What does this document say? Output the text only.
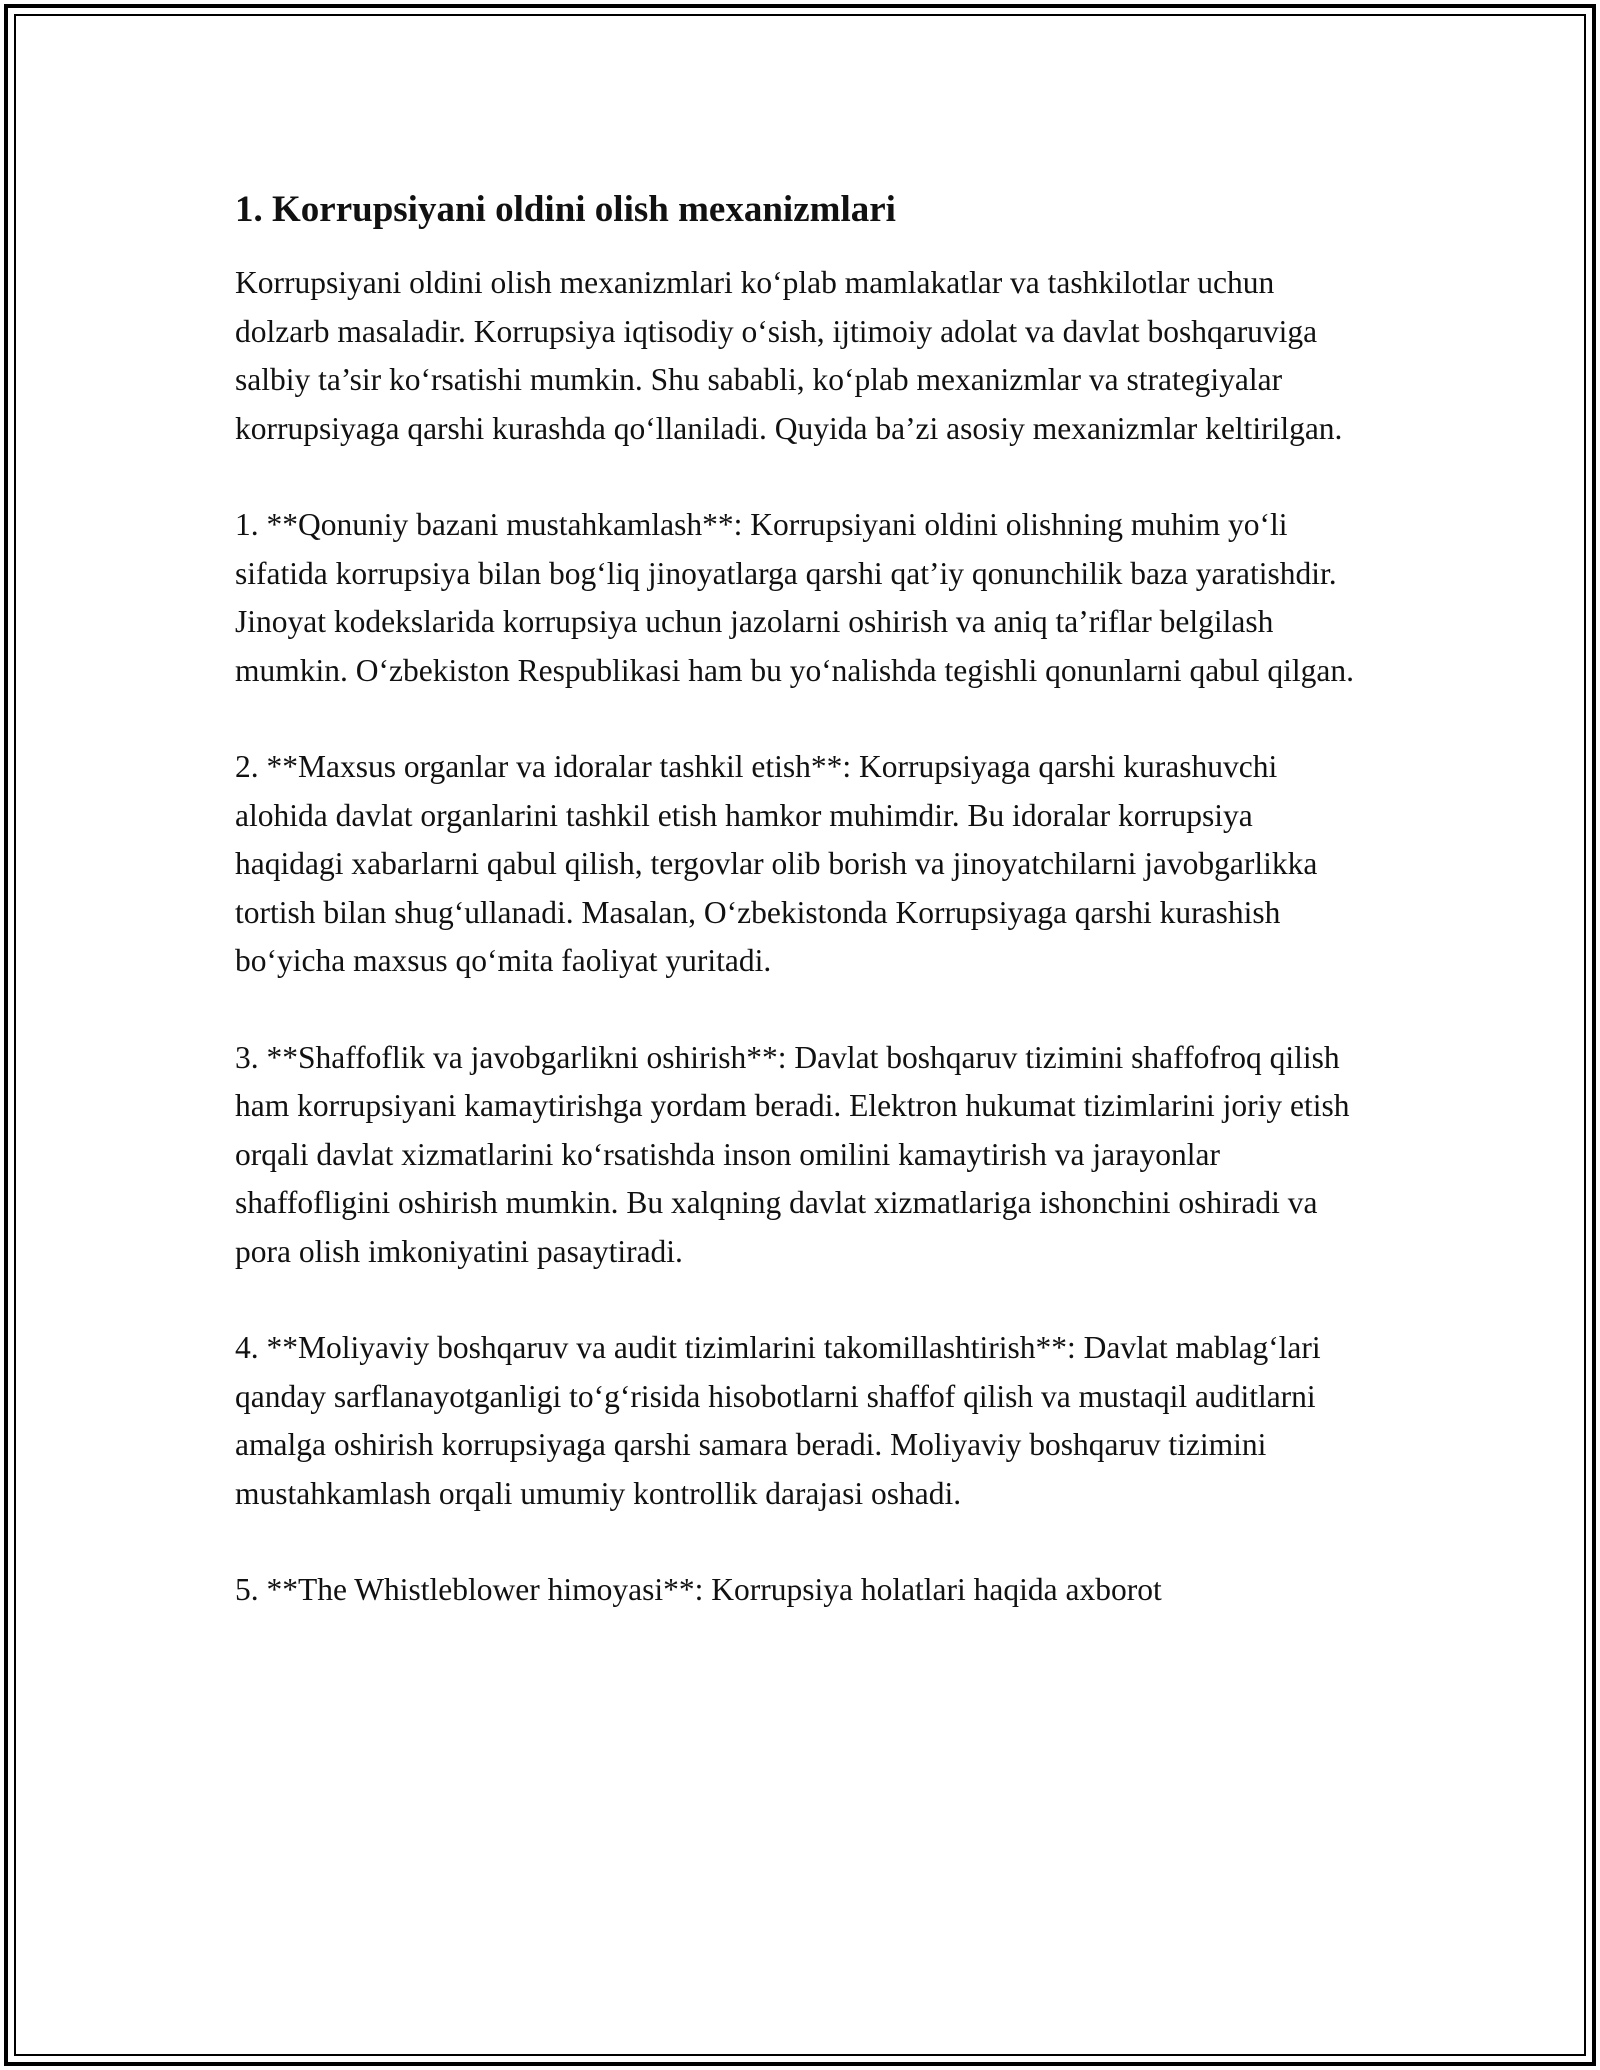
1. Korrupsiyani oldini olish mexanizmlari

Korrupsiyani oldini olish mexanizmlari ko‘plab mamlakatlar va tashkilotlar uchun dolzarb masaladir. Korrupsiya iqtisodiy o‘sish, ijtimoiy adolat va davlat boshqaruviga salbiy ta’sir ko‘rsatishi mumkin. Shu sababli, ko‘plab mexanizmlar va strategiyalar korrupsiyaga qarshi kurashda qo‘llaniladi. Quyida ba’zi asosiy mexanizmlar keltirilgan.

1. **Qonuniy bazani mustahkamlash**: Korrupsiyani oldini olishning muhim yo‘li sifatida korrupsiya bilan bog‘liq jinoyatlarga qarshi qat’iy qonunchilik baza yaratishdir. Jinoyat kodekslarida korrupsiya uchun jazolarni oshirish va aniq ta’riflar belgilash mumkin. O‘zbekiston Respublikasi ham bu yo‘nalishda tegishli qonunlarni qabul qilgan.

2. **Maxsus organlar va idoralar tashkil etish**: Korrupsiyaga qarshi kurashuvchi alohida davlat organlarini tashkil etish hamkor muhimdir. Bu idoralar korrupsiya haqidagi xabarlarni qabul qilish, tergovlar olib borish va jinoyatchilarni javobgarlikka tortish bilan shug‘ullanadi. Masalan, O‘zbekistonda Korrupsiyaga qarshi kurashish bo‘yicha maxsus qo‘mita faoliyat yuritadi.

3. **Shaffoflik va javobgarlikni oshirish**: Davlat boshqaruv tizimini shaffofroq qilish ham korrupsiyani kamaytirishga yordam beradi. Elektron hukumat tizimlarini joriy etish orqali davlat xizmatlarini ko‘rsatishda inson omilini kamaytirish va jarayonlar shaffofligini oshirish mumkin. Bu xalqning davlat xizmatlariga ishonchini oshiradi va pora olish imkoniyatini pasaytiradi.

4. **Moliyaviy boshqaruv va audit tizimlarini takomillashtirish**: Davlat mablag‘lari qanday sarflanayotganligi to‘g‘risida hisobotlarni shaffof qilish va mustaqil auditlarni amalga oshirish korrupsiyaga qarshi samara beradi. Moliyaviy boshqaruv tizimini mustahkamlash orqali umumiy kontrollik darajasi oshadi.

5. **The Whistleblower himoyasi**: Korrupsiya holatlari haqida axborot
